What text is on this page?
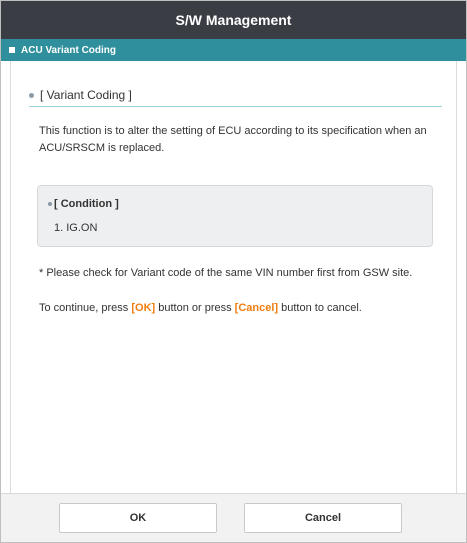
S/W Management
ACU Variant Coding
[ Variant Coding ]
This function is to alter the setting of ECU according to its specification when an ACU/SRSCM is replaced.
[ Condition ]
1. IG.ON
* Please check for Variant code of the same VIN number first from GSW site.
To continue, press [OK] button or press [Cancel] button to cancel.
OK	Cancel
